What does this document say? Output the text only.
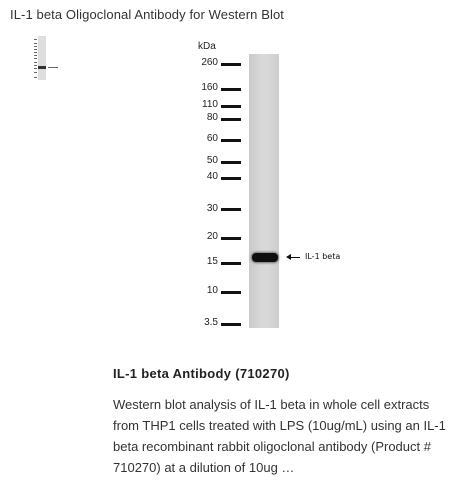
IL-1 beta Oligoclonal Antibody for Western Blot
kDa
260
160
110
80
60
50
40
30
20
15
10
3.5
IL-1 beta
IL-1 beta Antibody (710270)
Western blot analysis of IL-1 beta in whole cell extracts from THP1 cells treated with LPS (10ug/mL) using an IL-1 beta recombinant rabbit oligoclonal antibody (Product # 710270) at a dilution of 10ug …
